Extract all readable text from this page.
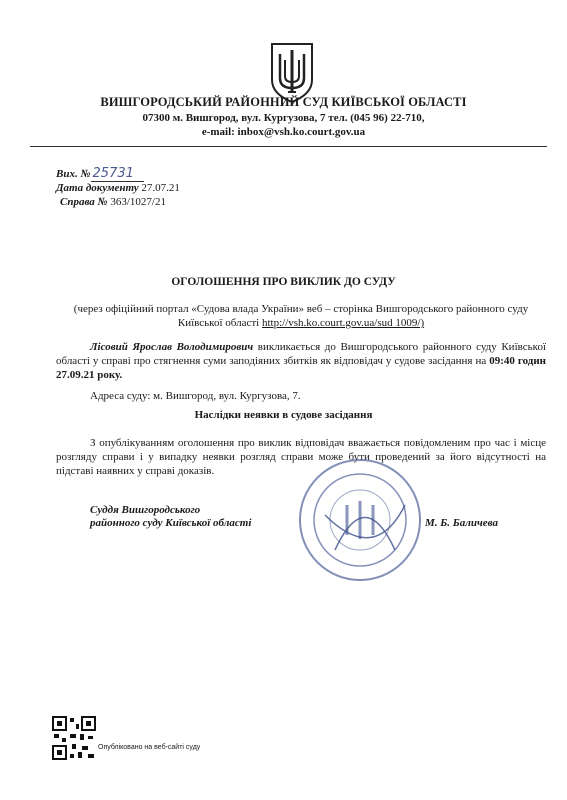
ВИШГОРОДСЬКИЙ РАЙОННИЙ СУД КИЇВСЬКОЇ ОБЛАСТІ
07300 м. Вишгород, вул. Кургузова, 7 тел. (045 96) 22-710,
e-mail: inbox@vsh.ko.court.gov.ua
Вих. № 25731
Дата документу 27.07.21
Справа № 363/1027/21
ОГОЛОШЕННЯ ПРО ВИКЛИК ДО СУДУ
(через офіційний портал «Судова влада України» веб – сторінка Вишгородського районного суду
Київської області http://vsh.ko.court.gov.ua/sud 1009/)
Лісовий Ярослав Володимирович викликається до Вишгородського районного суду Київської області у справі про стягнення суми заподіяних збитків як відповідач у судове засідання на 09:40 годин 27.09.21 року.
Адреса суду: м. Вишгород, вул. Кургузова, 7.
Наслідки неявки в судове засідання
З опублікуванням оголошення про виклик відповідач вважається повідомленим про час і місце розгляду справи і у випадку неявки розгляд справи може бути проведений за його відсутності на підставі наявних у справі доказів.
Суддя Вишгородського
районного суду Київської області	М. Б. Баличева
Опубліковано на веб-сайті суду
